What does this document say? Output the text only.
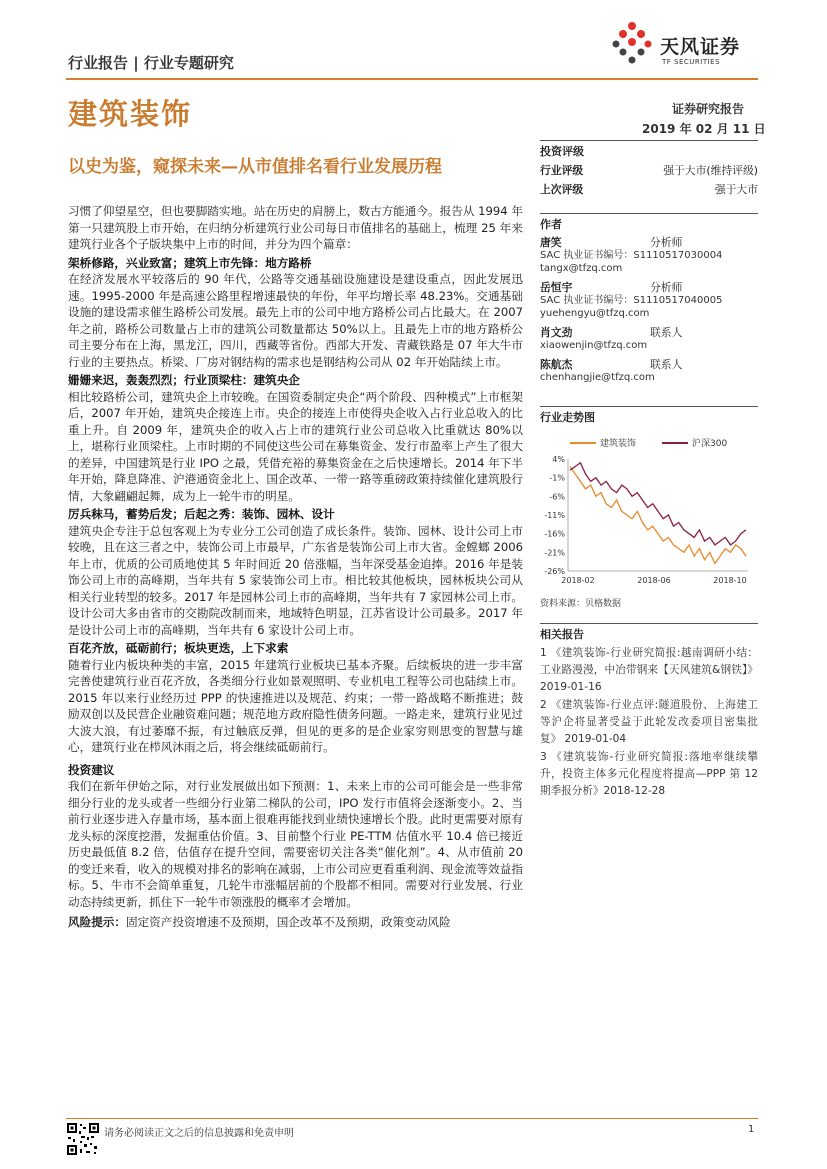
行业报告 | 行业专题研究
天风证券
TF SECURITIES
建筑装饰	证券研究报告
2019 年 02 月 11 日
以史为鉴，窥探未来—从市值排名看行业发展历程

习惯了仰望星空，但也要脚踏实地。站在历史的肩膀上，数古方能通今。报告从 1994 年第一只建筑股上市开始，在归纳分析建筑行业公司每日市值排名的基础上，梳理 25 年来建筑行业各个子版块集中上市的时间，并分为四个篇章：

架桥修路，兴业致富；建筑上市先锋：地方路桥

在经济发展水平较落后的 90 年代，公路等交通基础设施建设是建设重点，因此发展迅速。1995-2000 年是高速公路里程增速最快的年份，年平均增长率 48.23%。交通基础设施的建设需求催生路桥公司发展。最先上市的公司中地方路桥公司占比最大。在 2007 年之前，路桥公司数量占上市的建筑公司数量都达 50%以上。且最先上市的地方路桥公司主要分布在上海，黑龙江，四川，西藏等省份。西部大开发、青藏铁路是 07 年大牛市行业的主要热点。桥梁、厂房对钢结构的需求也是钢结构公司从 02 年开始陆续上市。

姗姗来迟，轰轰烈烈；行业顶梁柱：建筑央企

相比较路桥公司，建筑央企上市较晚。在国资委制定央企“两个阶段、四种模式”上市框架后，2007 年开始，建筑央企接连上市。央企的接连上市使得央企收入占行业总收入的比重上升。自 2009 年，建筑央企的收入占上市的建筑行业公司总收入比重就达 80%以上，堪称行业顶梁柱。上市时期的不同使这些公司在募集资金、发行市盈率上产生了很大的差异，中国建筑是行业 IPO 之最，凭借充裕的募集资金在之后快速增长。2014 年下半年开始，降息降准、沪港通资金北上、国企改革、一带一路等重磅政策持续催化建筑股行情，大象翩翩起舞，成为上一轮牛市的明星。

厉兵秣马，蓄势后发；后起之秀：装饰、园林、设计

建筑央企专注于总包客观上为专业分工公司创造了成长条件。装饰、园林、设计公司上市较晚，且在这三者之中，装饰公司上市最早，广东省是装饰公司上市大省。金螳螂 2006 年上市，优质的公司质地使其 5 年时间近 20 倍涨幅，当年深受基金追捧。2016 年是装饰公司上市的高峰期，当年共有 5 家装饰公司上市。相比较其他板块，园林板块公司从相关行业转型的较多。2017 年是园林公司上市的高峰期，当年共有 7 家园林公司上市。设计公司大多由省市的交勘院改制而来，地域特色明显，江苏省设计公司最多。2017 年是设计公司上市的高峰期，当年共有 6 家设计公司上市。

百花齐放，砥砺前行；板块更迭，上下求索

随着行业内板块种类的丰富，2015 年建筑行业板块已基本齐聚。后续板块的进一步丰富完善使建筑行业百花齐放，各类细分行业如景观照明、专业机电工程等公司也陆续上市。2015 年以来行业经历过 PPP 的快速推进以及规范、约束；一带一路战略不断推进；鼓励双创以及民营企业融资难问题；规范地方政府隐性债务问题。一路走来，建筑行业见过大波大浪，有过萎靡不振，有过触底反弹，但见的更多的是企业家穷则思变的智慧与雄心，建筑行业在栉风沐雨之后，将会继续砥砺前行。

投资建议

我们在新年伊始之际，对行业发展做出如下预测：1、未来上市的公司可能会是一些非常细分行业的龙头或者一些细分行业第二梯队的公司，IPO 发行市值将会逐渐变小。2、当前行业逐步进入存量市场，基本面上很难再能找到业绩快速增长个股。此时更需要对原有龙头标的深度挖潜，发掘重估价值。3、目前整个行业 PE-TTM 估值水平 10.4 倍已接近历史最低值 8.2 倍，估值存在提升空间，需要密切关注各类“催化剂”。4、从市值前 20 的变迁来看，收入的规模对排名的影响在减弱，上市公司应更看重利润、现金流等效益指标。5、牛市不会简单重复，几轮牛市涨幅居前的个股都不相同。需要对行业发展、行业动态持续更新，抓住下一轮牛市领涨股的概率才会增加。

风险提示：固定资产投资增速不及预期，国企改革不及预期，政策变动风险

投资评级
行业评级	强于大市(维持评级)
上次评级	强于大市
作者
唐笑	分析师
SAC 执业证书编号：S1110517030004
tangx@tfzq.com
岳恒宇	分析师
SAC 执业证书编号：S1110517040005
yuehengyu@tfzq.com
肖文劲	联系人
xiaowenjin@tfzq.com
陈航杰	联系人
chenhangjie@tfzq.com
行业走势图
建筑装饰	沪深300
4%
-1%
-6%
-11%
-16%
-21%
-26%
2018-02	2018-06	2018-10
资料来源：贝格数据
相关报告
1 《建筑装饰-行业研究简报:越南调研小结：工业路漫漫，中冶带钢来【天风建筑&钢铁】》 2019-01-16
2 《建筑装饰-行业点评:隧道股份、上海建工等沪企将显著受益于此轮发改委项目密集批复》 2019-01-04
3 《建筑装饰-行业研究简报:落地率继续攀升，投资主体多元化程度将提高—PPP 第 12 期季报分析》2018-12-28
请务必阅读正文之后的信息披露和免责申明	1
